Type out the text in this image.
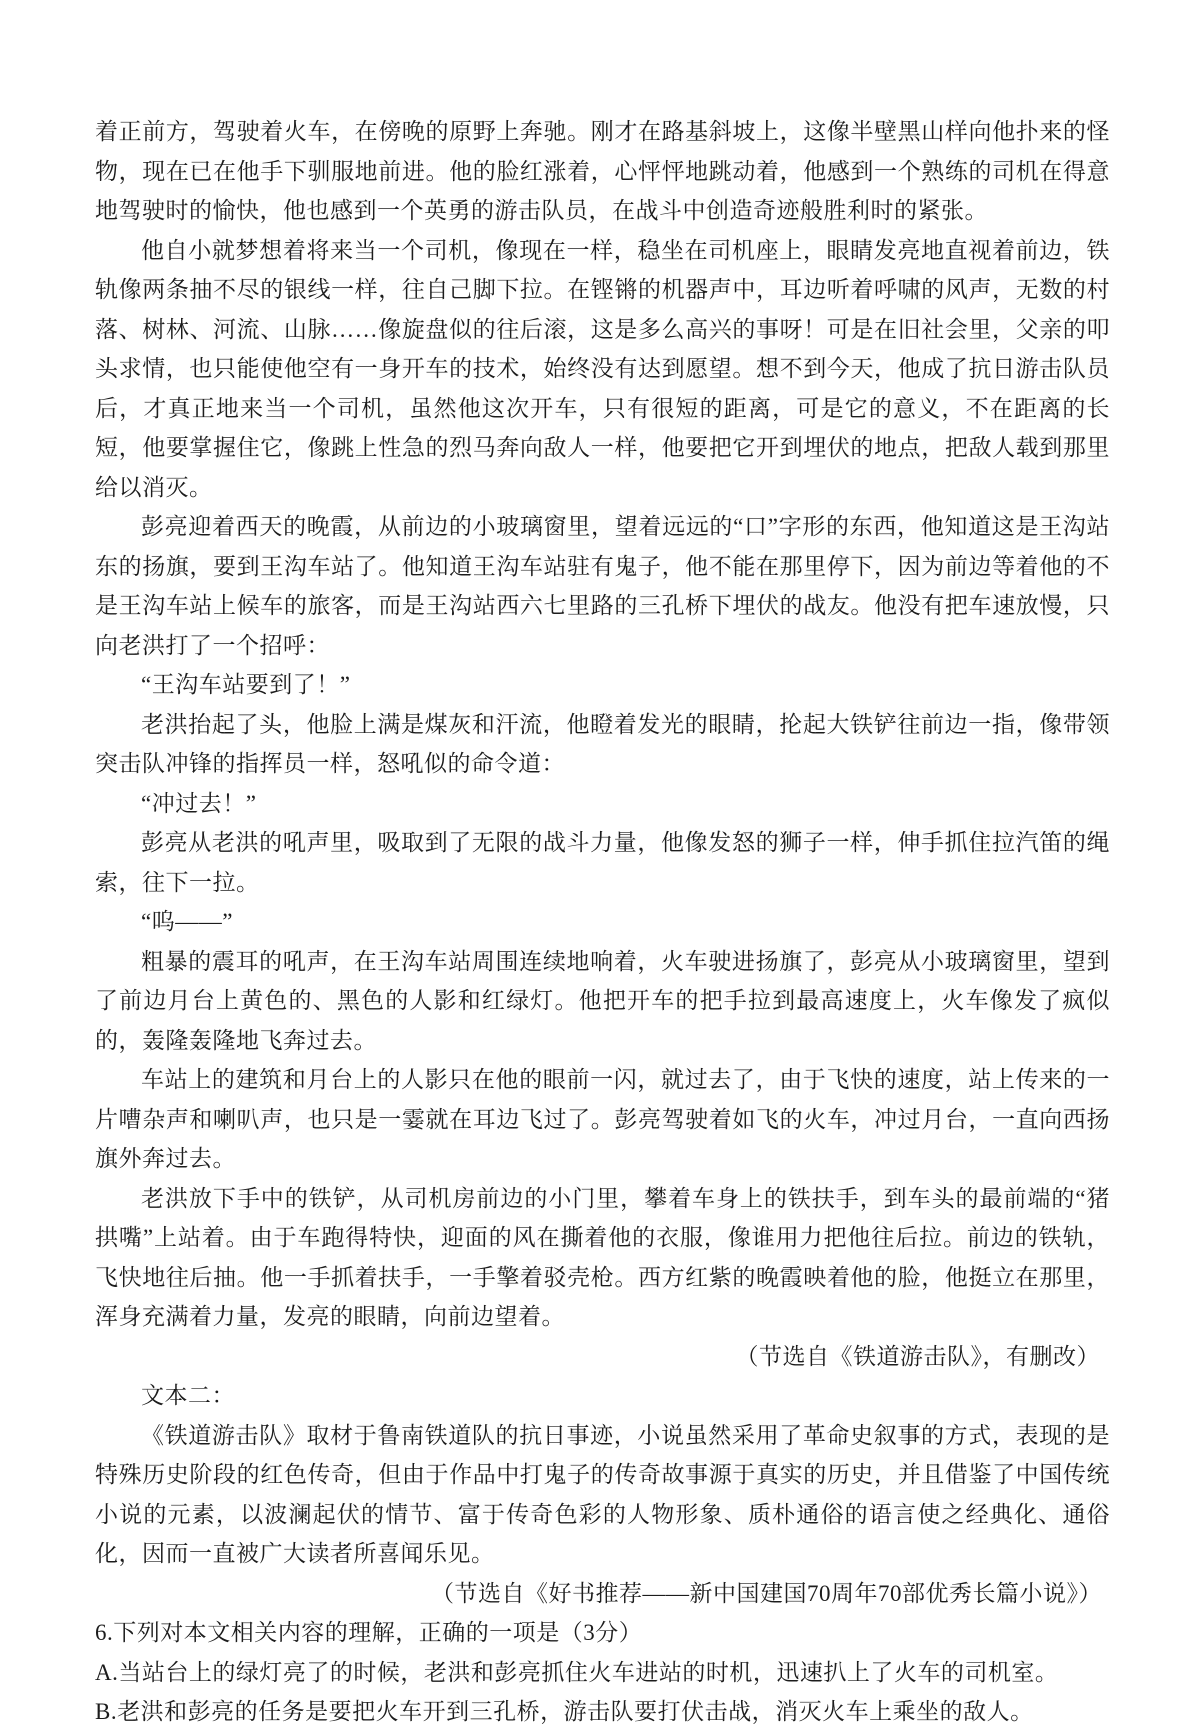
着正前方，驾驶着火车，在傍晚的原野上奔驰。刚才在路基斜坡上，这像半壁黑山样向他扑来的怪物，现在已在他手下驯服地前进。他的脸红涨着，心怦怦地跳动着，他感到一个熟练的司机在得意地驾驶时的愉快，他也感到一个英勇的游击队员，在战斗中创造奇迹般胜利时的紧张。

他自小就梦想着将来当一个司机，像现在一样，稳坐在司机座上，眼睛发亮地直视着前边，铁轨像两条抽不尽的银线一样，往自己脚下拉。在铿锵的机器声中，耳边听着呼啸的风声，无数的村落、树林、河流、山脉……像旋盘似的往后滚，这是多么高兴的事呀！可是在旧社会里，父亲的叩头求情，也只能使他空有一身开车的技术，始终没有达到愿望。想不到今天，他成了抗日游击队员后，才真正地来当一个司机，虽然他这次开车，只有很短的距离，可是它的意义，不在距离的长短，他要掌握住它，像跳上性急的烈马奔向敌人一样，他要把它开到埋伏的地点，把敌人载到那里给以消灭。

彭亮迎着西天的晚霞，从前边的小玻璃窗里，望着远远的“口”字形的东西，他知道这是王沟站东的扬旗，要到王沟车站了。他知道王沟车站驻有鬼子，他不能在那里停下，因为前边等着他的不是王沟车站上候车的旅客，而是王沟站西六七里路的三孔桥下埋伏的战友。他没有把车速放慢，只向老洪打了一个招呼：

“王沟车站要到了！”

老洪抬起了头，他脸上满是煤灰和汗流，他瞪着发光的眼睛，抡起大铁铲往前边一指，像带领突击队冲锋的指挥员一样，怒吼似的命令道：

“冲过去！”

彭亮从老洪的吼声里，吸取到了无限的战斗力量，他像发怒的狮子一样，伸手抓住拉汽笛的绳索，往下一拉。

“呜——”

粗暴的震耳的吼声，在王沟车站周围连续地响着，火车驶进扬旗了，彭亮从小玻璃窗里，望到了前边月台上黄色的、黑色的人影和红绿灯。他把开车的把手拉到最高速度上，火车像发了疯似的，轰隆轰隆地飞奔过去。

车站上的建筑和月台上的人影只在他的眼前一闪，就过去了，由于飞快的速度，站上传来的一片嘈杂声和喇叭声，也只是一霎就在耳边飞过了。彭亮驾驶着如飞的火车，冲过月台，一直向西扬旗外奔过去。

老洪放下手中的铁铲，从司机房前边的小门里，攀着车身上的铁扶手，到车头的最前端的“猪拱嘴”上站着。由于车跑得特快，迎面的风在撕着他的衣服，像谁用力把他往后拉。前边的铁轨，飞快地往后抽。他一手抓着扶手，一手擎着驳壳枪。西方红紫的晚霞映着他的脸，他挺立在那里，浑身充满着力量，发亮的眼睛，向前边望着。

（节选自《铁道游击队》，有删改）

文本二：

《铁道游击队》取材于鲁南铁道队的抗日事迹，小说虽然采用了革命史叙事的方式，表现的是特殊历史阶段的红色传奇，但由于作品中打鬼子的传奇故事源于真实的历史，并且借鉴了中国传统小说的元素，以波澜起伏的情节、富于传奇色彩的人物形象、质朴通俗的语言使之经典化、通俗化，因而一直被广大读者所喜闻乐见。

（节选自《好书推荐——新中国建国70周年70部优秀长篇小说》）

6.下列对本文相关内容的理解，正确的一项是（3分）

A.当站台上的绿灯亮了的时候，老洪和彭亮抓住火车进站的时机，迅速扒上了火车的司机室。

B.老洪和彭亮的任务是要把火车开到三孔桥，游击队要打伏击战，消灭火车上乘坐的敌人。
